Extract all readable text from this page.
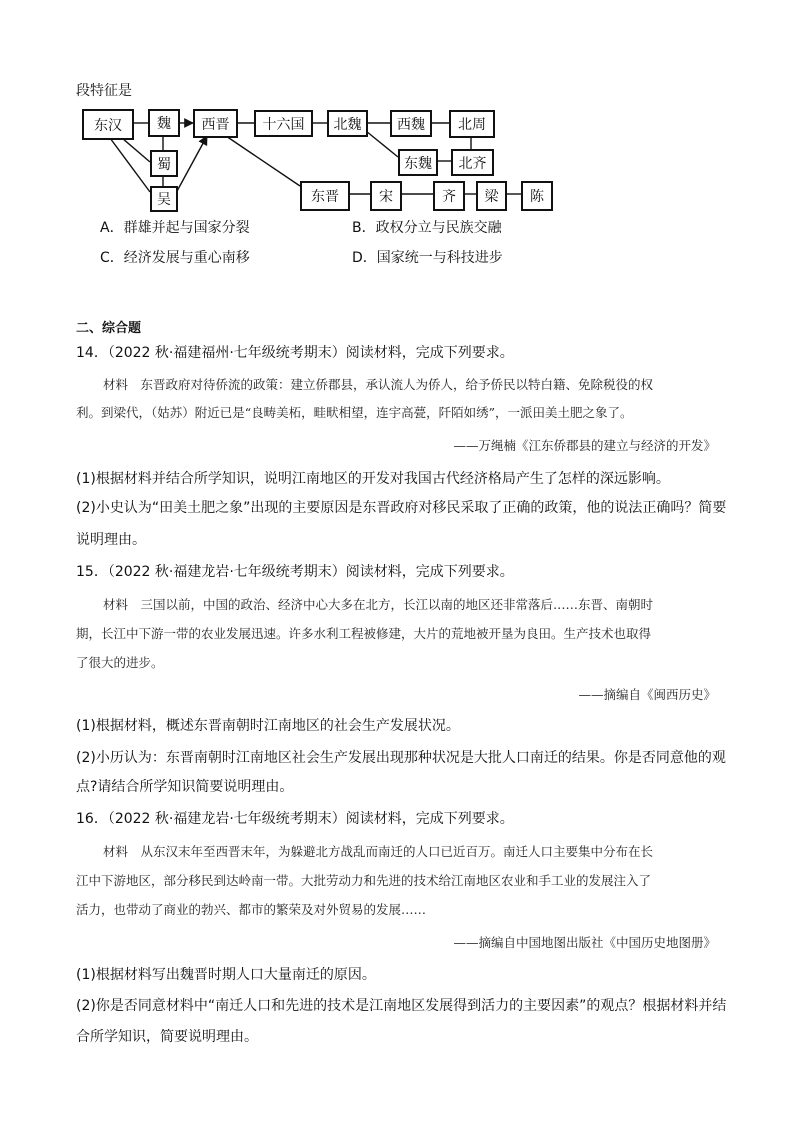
段特征是
东汉	魏
蜀
吴
西晋	十六国	北魏	西魏	北周
东魏	北齐
东晋	宋	齐	梁	陈
A．群雄并起与国家分裂	B．政权分立与民族交融
C．经济发展与重心南移	D．国家统一与科技进步
二、综合题
14．（2022 秋·福建福州·七年级统考期末）阅读材料，完成下列要求。
材料　东晋政府对待侨流的政策：建立侨郡县，承认流人为侨人，给予侨民以特白籍、免除税役的权
利。到梁代，（姑苏）附近已是“良畴美柘，畦畎相望，连宇高甍，阡陌如绣”，一派田美土肥之象了。
——万绳楠《江东侨郡县的建立与经济的开发》
(1)根据材料并结合所学知识，说明江南地区的开发对我国古代经济格局产生了怎样的深远影响。
(2)小史认为“田美土肥之象”出现的主要原因是东晋政府对移民采取了正确的政策，他的说法正确吗？简要
说明理由。
15．（2022 秋·福建龙岩·七年级统考期末）阅读材料，完成下列要求。
材料　三国以前，中国的政治、经济中心大多在北方，长江以南的地区还非常落后……东晋、南朝时
期，长江中下游一带的农业发展迅速。许多水利工程被修建，大片的荒地被开垦为良田。生产技术也取得
了很大的进步。
——摘编自《闽西历史》
(1)根据材料，概述东晋南朝时江南地区的社会生产发展状况。
(2)小历认为：东晋南朝时江南地区社会生产发展出现那种状况是大批人口南迁的结果。你是否同意他的观
点?请结合所学知识简要说明理由。
16．（2022 秋·福建龙岩·七年级统考期末）阅读材料，完成下列要求。
材料　从东汉末年至西晋末年，为躲避北方战乱而南迁的人口已近百万。南迁人口主要集中分布在长
江中下游地区，部分移民到达岭南一带。大批劳动力和先进的技术给江南地区农业和手工业的发展注入了
活力，也带动了商业的勃兴、都市的繁荣及对外贸易的发展……
——摘编自中国地图出版社《中国历史地图册》
(1)根据材料写出魏晋时期人口大量南迁的原因。
(2)你是否同意材料中“南迁人口和先进的技术是江南地区发展得到活力的主要因素”的观点？根据材料并结
合所学知识，简要说明理由。
